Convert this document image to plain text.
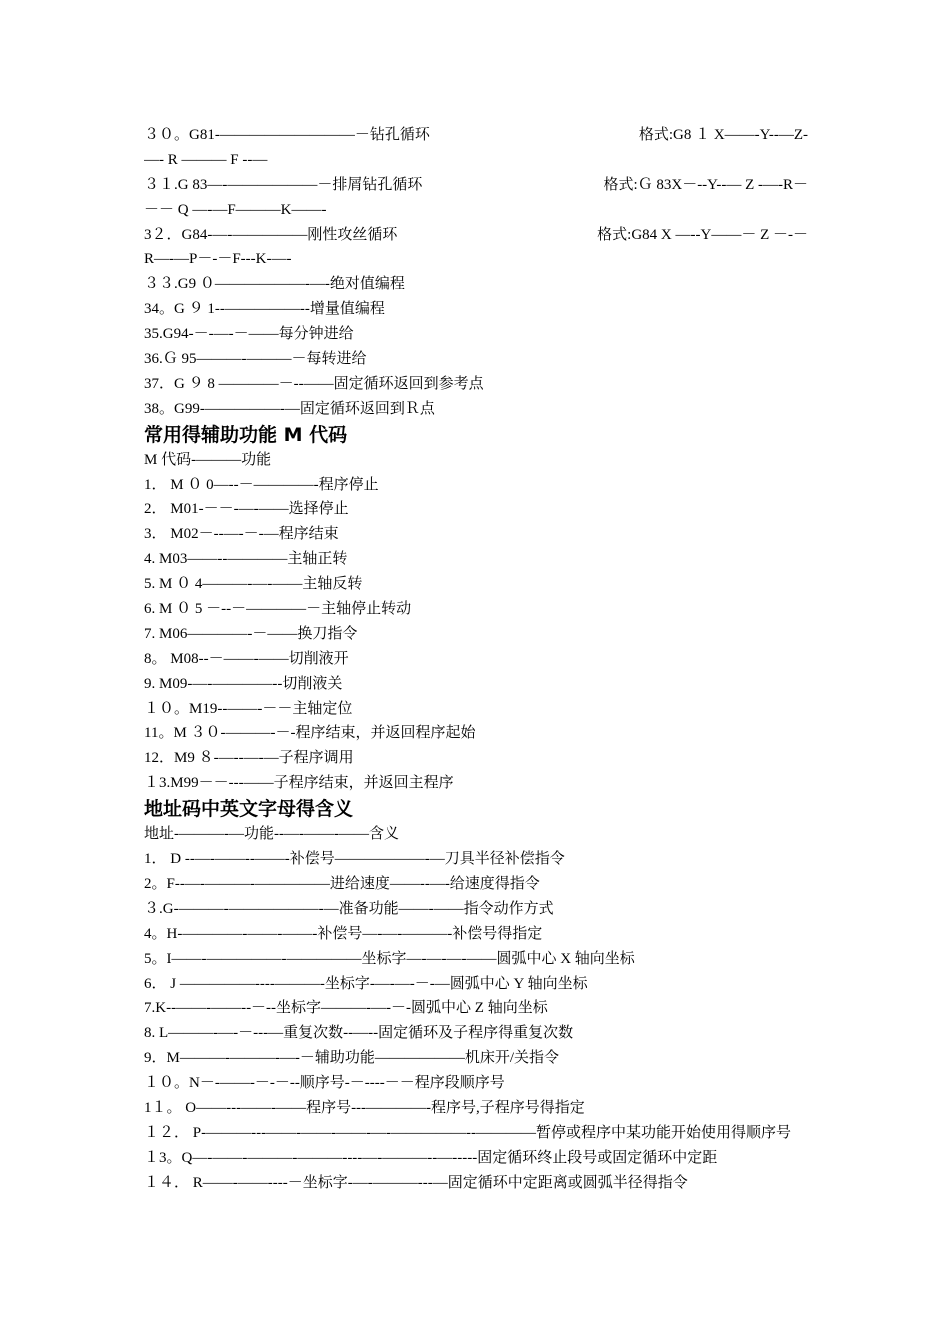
３０。G81-—————————－钻孔循环	格式:G8 １ X——-Y--—Z-
—- R ——— F --—
３１.G 83—-——————－排屑钻孔循环	格式:Ｇ 83X－--Y--— Z -—-R－
－－ Q —-—F———K——-
3２．G84-—-—————刚性攻丝循环	格式:G84 X —--Y——－ Z －-－
R—-—P－-－F---K-—-
３３.G9 ０——————-—-绝对值编程
34。G ９ 1--—————--增量值编程
35.G94-－-—-－——每分钟进给
36.Ｇ 95———-———－每转进给
37．G ９ 8 ————－--——固定循环返回到参考点
38。G99-—————-—固定循环返回到Ｒ点
常用得辅助功能 M 代码
M 代码-———功能
1． M ０ 0—--－————-程序停止
2． M01-－－-—-——选择停止
3． M02－--—-－-—程序结束
4. M03——--————主轴正转
5. M ０ 4———-—-——主轴反转
6. M ０ 5 －--－————－主轴停止转动
7. M06————-－——换刀指令
8。 M08--－——-——切削液开
9. M09-—-————--切削液关
１０。M19--——-－－主轴定位
11。M ３０-———-－-程序结束，并返回程序起始
12．M9 ８-—--—-—子程序调用
１3.M99－－---——子程序结束，并返回主程序
地址码中英文字母得含义
地址-———-—功能--—-——-——含义
1． D --—-——--——-补偿号——————-—刀具半径补偿指令
2。F--—-———-—————进给速度——--—-给速度得指令
３.G-———-——————-—准备功能——-——指令动作方式
4。H-————-——-——-补偿号—-—-———-补偿号得指定
5。I——-—————-—————坐标字—-—-—-——圆弧中心 X 轴向坐标
6． J —————----———-坐标字-—-—-－-—圆弧中心 Y 轴向坐标
7.K--——-——--－--坐标字———-—-－-圆弧中心 Z 轴向坐标
8. L———-—-－---—重复次数--—--固定循环及子程序得重复次数
9．M———-———-—-－辅助功能——————机床开/关指令
１０。N－-——-－-－--顺序号-－----－－程序段顺序号
1１。 O——---——-——程序号---————-程序号,子程序号得指定
１２． P-———---——-——-——-—-—————--————暂停或程序中某功能开始使用得顺序号
１3。Q—-——-———-———----—-———--—-----固定循环终止段号或固定循环中定距
１４． R——-——----－坐标字-—-———---—固定循环中定距离或圆弧半径得指令
